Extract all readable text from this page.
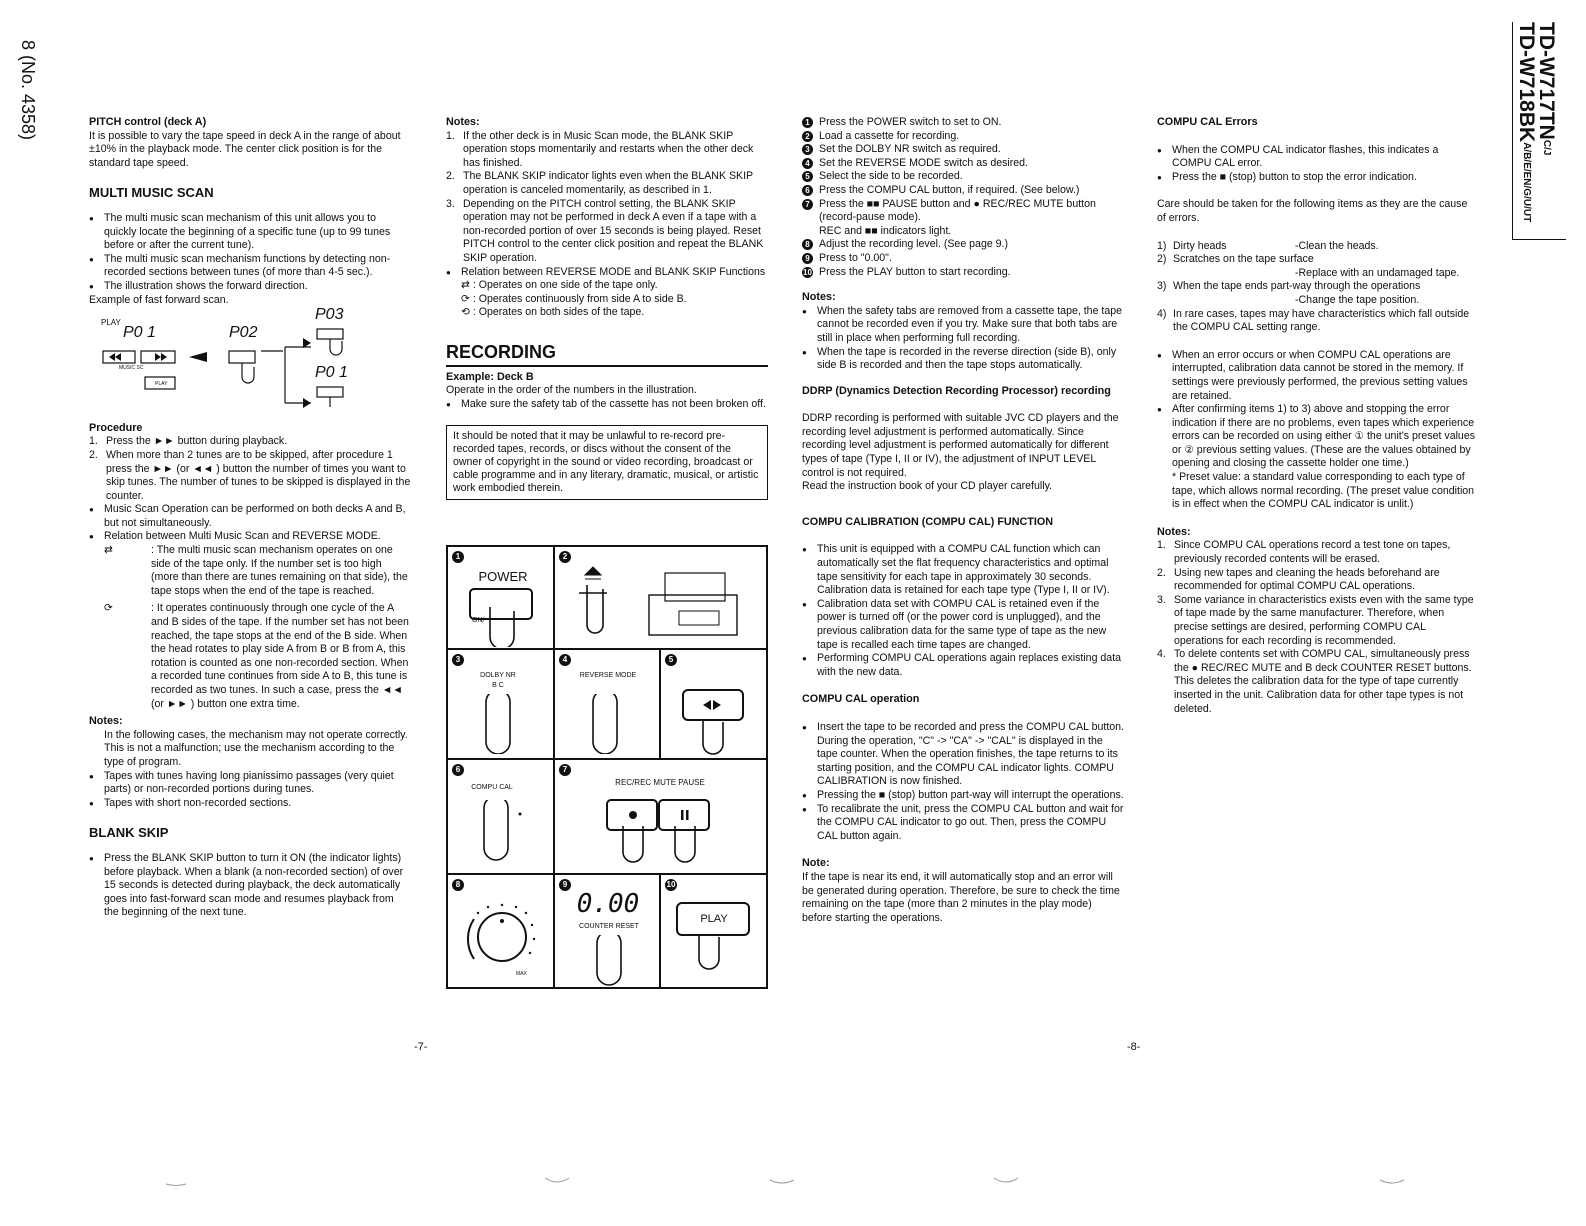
8 (No. 4358)	TD-W717TNC/J
TD-W718BKA/B/E/EN/G/U/UT

PITCH control (deck A)

It is possible to vary the tape speed in deck A in the range of about ±10% in the playback mode. The center click position is for the standard tape speed.

MULTI MUSIC SCAN
● The multi music scan mechanism of this unit allows you to quickly locate the beginning of a specific tune (up to 99 tunes before or after the current tune).
● The multi music scan mechanism functions by detecting non-recorded sections between tunes (of more than 4-5 sec.).
● The illustration shows the forward direction.

Example of fast forward scan.

PLAY
P0 1	P02
P03
P0 1
MUSIC SC
PLAY

Procedure

Press the ►► button during playback.
When more than 2 tunes are to be skipped, after procedure 1 press the ►► (or ◄◄ ) button the number of times you want to skip tunes. The number of tunes to be skipped is displayed in the counter.
● Music Scan Operation can be performed on both decks A and B, but not simultaneously.
● Relation between Multi Music Scan and REVERSE MODE.
⇄	: The multi music scan mechanism operates on one side of the tape only. If the number set is too high (more than there are tunes remaining on that side), the tape stops when the end of the tape is reached.
⟳	: It operates continuously through one cycle of the A and B sides of the tape. If the number set has not been reached, the tape stops at the end of the B side. When the head rotates to play side A from B or B from A, this rotation is counted as one non-recorded section. When a recorded tune continues from side A to B, this tune is recorded as two tunes. In such a case, press the ◄◄ (or ►► ) button one extra time.

Notes:

In the following cases, the mechanism may not operate correctly. This is not a malfunction; use the mechanism according to the type of program.

● Tapes with tunes having long pianissimo passages (very quiet parts) or non-recorded portions during tunes.
● Tapes with short non-recorded sections.
BLANK SKIP
● Press the BLANK SKIP button to turn it ON (the indicator lights) before playback. When a blank (a non-recorded section) of over 15 seconds is detected during playback, the deck automatically goes into fast-forward scan mode and resumes playback from the beginning of the next tune.

Notes:

If the other deck is in Music Scan mode, the BLANK SKIP operation stops momentarily and restarts when the other deck has finished.
The BLANK SKIP indicator lights even when the BLANK SKIP operation is canceled momentarily, as described in 1.
Depending on the PITCH control setting, the BLANK SKIP operation may not be performed in deck A even if a tape with a non-recorded portion of over 15 seconds is being played. Reset PITCH control to the center click position and repeat the BLANK SKIP operation.
● Relation between REVERSE MODE and BLANK SKIP Functions
⇄ : Operates on one side of the tape only.
⟳ : Operates continuously from side A to side B.
⟲ : Operates on both sides of the tape.
RECORDING

Example: Deck B

Operate in the order of the numbers in the illustration.

● Make sure the safety tab of the cassette has not been broken off.
It should be noted that it may be unlawful to re-record pre-recorded tapes, records, or discs without the consent of the owner of copyright in the sound or video recording, broadcast or cable programme and in any literary, dramatic, musical, or artistic work embodied therein.
1
POWER
ON/
2
3
DOLBY NR
B C
4
REVERSE MODE
5
6
COMPU CAL
7
REC/REC MUTE PAUSE
8
MAX
9
0.00
COUNTER RESET
10
PLAY
1 Press the POWER switch to set to ON.
2 Load a cassette for recording.
3 Set the DOLBY NR switch as required.
4 Set the REVERSE MODE switch as desired.
5 Select the side to be recorded.
6 Press the COMPU CAL button, if required. (See below.)
7 Press the ■■ PAUSE button and ● REC/REC MUTE button (record-pause mode).
REC and ■■ indicators light.
8 Adjust the recording level. (See page 9.)
9 Press to "0.00".
10 Press the PLAY button to start recording.

Notes:

● When the safety tabs are removed from a cassette tape, the tape cannot be recorded even if you try. Make sure that both tabs are still in place when performing full recording.
● When the tape is recorded in the reverse direction (side B), only side B is recorded and then the tape stops automatically.

DDRP (Dynamics Detection Recording Processor) recording

DDRP recording is performed with suitable JVC CD players and the recording level adjustment is performed automatically. Since recording level adjustment is performed automatically for different types of tape (Type I, II or IV), the adjustment of INPUT LEVEL control is not required.

Read the instruction book of your CD player carefully.

COMPU CALIBRATION (COMPU CAL) FUNCTION

● This unit is equipped with a COMPU CAL function which can automatically set the flat frequency characteristics and optimal tape sensitivity for each tape in approximately 30 seconds. Calibration data is retained for each tape type (Type I, II or IV).
● Calibration data set with COMPU CAL is retained even if the power is turned off (or the power cord is unplugged), and the previous calibration data for the same type of tape as the new tape is recalled each time tapes are changed.
● Performing COMPU CAL operations again replaces existing data with the new data.

COMPU CAL operation

● Insert the tape to be recorded and press the COMPU CAL button. During the operation, "C" -> "CA" -> "CAL" is displayed in the tape counter. When the operation finishes, the tape returns to its starting position, and the COMPU CAL indicator lights. COMPU CALIBRATION is now finished.
● Pressing the ■ (stop) button part-way will interrupt the operations.
● To recalibrate the unit, press the COMPU CAL button and wait for the COMPU CAL indicator to go out. Then, press the COMPU CAL button again.

Note:

If the tape is near its end, it will automatically stop and an error will be generated during operation. Therefore, be sure to check the time remaining on the tape (more than 2 minutes in the play mode) before starting the operations.

COMPU CAL Errors

● When the COMPU CAL indicator flashes, this indicates a COMPU CAL error.
● Press the ■ (stop) button to stop the error indication.

Care should be taken for the following items as they are the cause of errors.

1) Dirty heads	-Clean the heads.
2) Scratches on the tape surface
-Replace with an undamaged tape.
3) When the tape ends part-way through the operations
-Change the tape position.
4) In rare cases, tapes may have characteristics which fall outside the COMPU CAL setting range.
● When an error occurs or when COMPU CAL operations are interrupted, calibration data cannot be stored in the memory. If settings were previously performed, the previous setting values are retained.
● After confirming items 1) to 3) above and stopping the error indication if there are no problems, even tapes which experience errors can be recorded on using either ① the unit's preset values or ② previous setting values. (These are the values obtained by opening and closing the cassette holder one time.)

* Preset value: a standard value corresponding to each type of tape, which allows normal recording. (The preset value condition is in effect when the COMPU CAL indicator is unlit.)

Notes:

Since COMPU CAL operations record a test tone on tapes, previously recorded contents will be erased.
Using new tapes and cleaning the heads beforehand are recommended for optimal COMPU CAL operations.
Some variance in characteristics exists even with the same type of tape made by the same manufacturer. Therefore, when precise settings are desired, performing COMPU CAL operations for each recording is recommended.
To delete contents set with COMPU CAL, simultaneously press the ● REC/REC MUTE and B deck COUNTER RESET buttons. This deletes the calibration data for the type of tape currently inserted in the unit. Calibration data for other tape types is not deleted.
-7-	-8-
